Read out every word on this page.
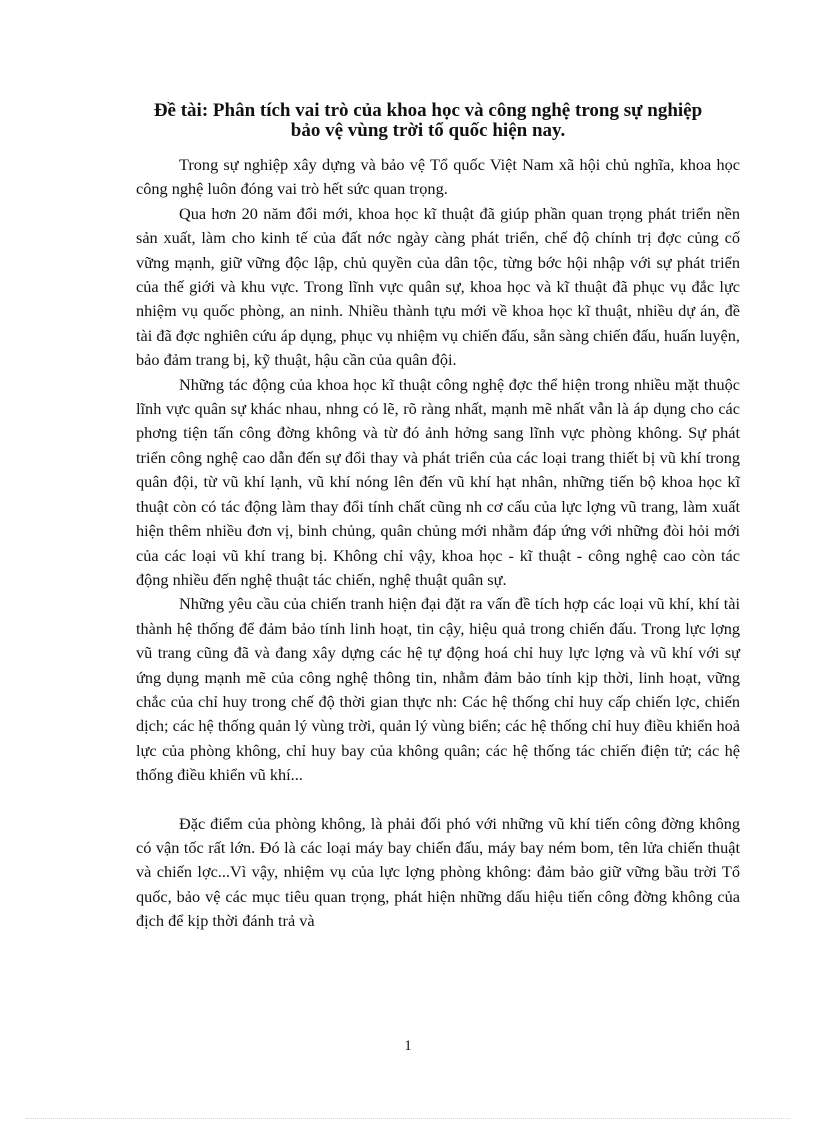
Đề tài: Phân tích vai trò của khoa học và công nghệ trong sự nghiệp bảo vệ vùng trời tổ quốc hiện nay.

Trong sự nghiệp xây dựng và bảo vệ Tổ quốc Việt Nam xã hội chủ nghĩa, khoa học công nghệ luôn đóng vai trò hết sức quan trọng.

Qua hơn 20 năm đổi mới, khoa học kĩ thuật đã giúp phần quan trọng phát triển nền sản xuất, làm cho kinh tế của đất nớc ngày càng phát triển, chế độ chính trị đợc củng cố vững mạnh, giữ vững độc lập, chủ quyền của dân tộc, từng bớc hội nhập với sự phát triển của thế giới và khu vực. Trong lĩnh vực quân sự, khoa học và kĩ thuật đã phục vụ đắc lực nhiệm vụ quốc phòng, an ninh. Nhiều thành tựu mới về khoa học kĩ thuật, nhiều dự án, đề tài đã đợc nghiên cứu áp dụng, phục vụ nhiệm vụ chiến đấu, sẵn sàng chiến đấu, huấn luyện, bảo đảm trang bị, kỹ thuật, hậu cần của quân đội.

Những tác động của khoa học kĩ thuật công nghệ đợc thể hiện trong nhiều mặt thuộc lĩnh vực quân sự khác nhau, nhng có lẽ, rõ ràng nhất, mạnh mẽ nhất vẫn là áp dụng cho các phơng tiện tấn công đờng không và từ đó ảnh hởng sang lĩnh vực phòng không. Sự phát triển công nghệ cao dẫn đến sự đổi thay và phát triển của các loại trang thiết bị vũ khí trong quân đội, từ vũ khí lạnh, vũ khí nóng lên đến vũ khí hạt nhân, những tiến bộ khoa học kĩ thuật còn có tác động làm thay đổi tính chất cũng nh cơ cấu của lực lợng vũ trang, làm xuất hiện thêm nhiều đơn vị, binh chủng, quân chủng mới nhằm đáp ứng với những đòi hỏi mới của các loại vũ khí trang bị. Không chỉ vậy, khoa học - kĩ thuật - công nghệ cao còn tác động nhiều đến nghệ thuật tác chiến, nghệ thuật quân sự.

Những yêu cầu của chiến tranh hiện đại đặt ra vấn đề tích hợp các loại vũ khí, khí tài thành hệ thống để đảm bảo tính linh hoạt, tin cậy, hiệu quả trong chiến đấu. Trong lực lợng vũ trang cũng đã và đang xây dựng các hệ tự động hoá chỉ huy lực lợng và vũ khí với sự ứng dụng mạnh mẽ của công nghệ thông tin, nhằm đảm bảo tính kịp thời, linh hoạt, vững chắc của chỉ huy trong chế độ thời gian thực nh: Các hệ thống chỉ huy cấp chiến lợc, chiến dịch; các hệ thống quản lý vùng trời, quản lý vùng biển; các hệ thống chỉ huy điều khiển hoả lực của phòng không, chỉ huy bay của không quân; các hệ thống tác chiến điện tử; các hệ thống điều khiển vũ khí...

Đặc điểm của phòng không, là phải đối phó với những vũ khí tiến công đờng không có vận tốc rất lớn. Đó là các loại máy bay chiến đấu, máy bay ném bom, tên lửa chiến thuật và chiến lợc...Vì vậy, nhiệm vụ của lực lợng phòng không: đảm bảo giữ vững bầu trời Tổ quốc, bảo vệ các mục tiêu quan trọng, phát hiện những dấu hiệu tiến công đờng không của địch để kịp thời đánh trả và

1
